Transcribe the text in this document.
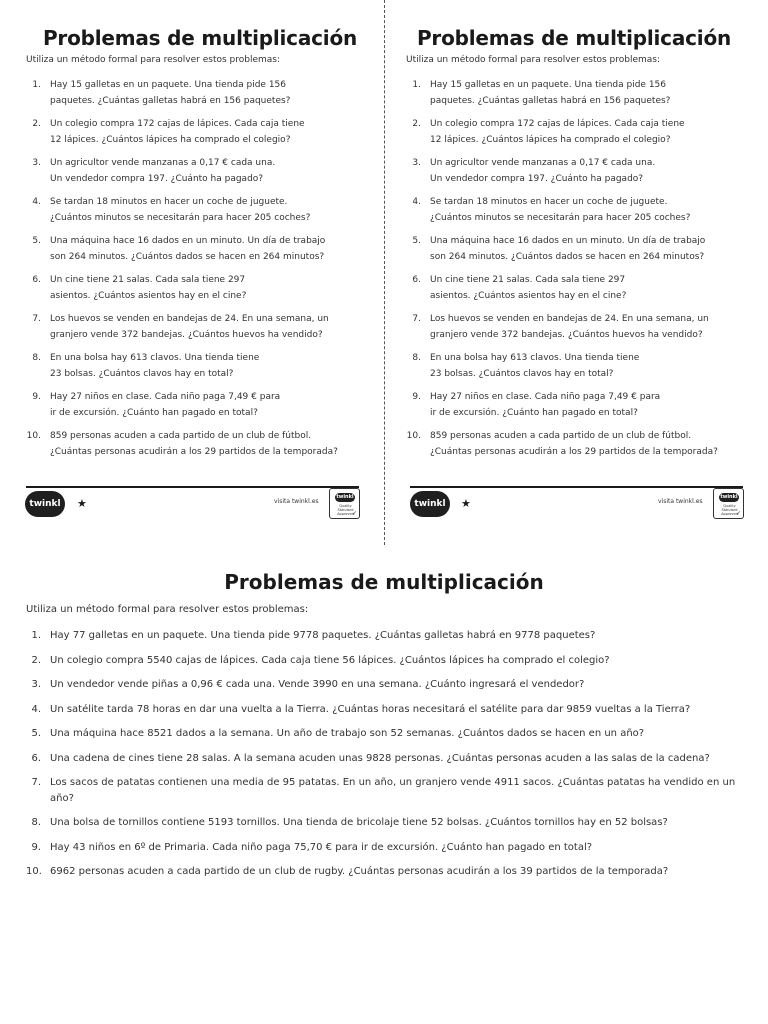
Problemas de multiplicación
Utiliza un método formal para resolver estos problemas:
1. Hay 15 galletas en un paquete. Una tienda pide 156
paquetes. ¿Cuántas galletas habrá en 156 paquetes?
2. Un colegio compra 172 cajas de lápices. Cada caja tiene
12 lápices. ¿Cuántos lápices ha comprado el colegio?
3. Un agricultor vende manzanas a 0,17 € cada una.
Un vendedor compra 197. ¿Cuánto ha pagado?
4. Se tardan 18 minutos en hacer un coche de juguete.
¿Cuántos minutos se necesitarán para hacer 205 coches?
5. Una máquina hace 16 dados en un minuto. Un día de trabajo
son 264 minutos. ¿Cuántos dados se hacen en 264 minutos?
6. Un cine tiene 21 salas. Cada sala tiene 297
asientos. ¿Cuántos asientos hay en el cine?
7. Los huevos se venden en bandejas de 24. En una semana, un
granjero vende 372 bandejas. ¿Cuántos huevos ha vendido?
8. En una bolsa hay 613 clavos. Una tienda tiene
23 bolsas. ¿Cuántos clavos hay en total?
9. Hay 27 niños en clase. Cada niño paga 7,49 € para
ir de excursión. ¿Cuánto han pagado en total?
10. 859 personas acuden a cada partido de un club de fútbol.
¿Cuántas personas acudirán a los 29 partidos de la temporada?
twinkl	★	visita twinkl.es
twinkl
Quality Standard Approved
✓
Problemas de multiplicación
Utiliza un método formal para resolver estos problemas:
1. Hay 15 galletas en un paquete. Una tienda pide 156
paquetes. ¿Cuántas galletas habrá en 156 paquetes?
2. Un colegio compra 172 cajas de lápices. Cada caja tiene
12 lápices. ¿Cuántos lápices ha comprado el colegio?
3. Un agricultor vende manzanas a 0,17 € cada una.
Un vendedor compra 197. ¿Cuánto ha pagado?
4. Se tardan 18 minutos en hacer un coche de juguete.
¿Cuántos minutos se necesitarán para hacer 205 coches?
5. Una máquina hace 16 dados en un minuto. Un día de trabajo
son 264 minutos. ¿Cuántos dados se hacen en 264 minutos?
6. Un cine tiene 21 salas. Cada sala tiene 297
asientos. ¿Cuántos asientos hay en el cine?
7. Los huevos se venden en bandejas de 24. En una semana, un
granjero vende 372 bandejas. ¿Cuántos huevos ha vendido?
8. En una bolsa hay 613 clavos. Una tienda tiene
23 bolsas. ¿Cuántos clavos hay en total?
9. Hay 27 niños en clase. Cada niño paga 7,49 € para
ir de excursión. ¿Cuánto han pagado en total?
10. 859 personas acuden a cada partido de un club de fútbol.
¿Cuántas personas acudirán a los 29 partidos de la temporada?
twinkl	★	visita twinkl.es
twinkl
Quality Standard Approved
✓
Problemas de multiplicación
Utiliza un método formal para resolver estos problemas:
1. Hay 77 galletas en un paquete. Una tienda pide 9778 paquetes. ¿Cuántas galletas habrá en 9778 paquetes?
2. Un colegio compra 5540 cajas de lápices. Cada caja tiene 56 lápices. ¿Cuántos lápices ha comprado el colegio?
3. Un vendedor vende piñas a 0,96 € cada una. Vende 3990 en una semana. ¿Cuánto ingresará el vendedor?
4. Un satélite tarda 78 horas en dar una vuelta a la Tierra. ¿Cuántas horas necesitará el satélite para dar 9859 vueltas a la Tierra?
5. Una máquina hace 8521 dados a la semana. Un año de trabajo son 52 semanas. ¿Cuántos dados se hacen en un año?
6. Una cadena de cines tiene 28 salas. A la semana acuden unas 9828 personas. ¿Cuántas personas acuden a las salas de la cadena?
7. Los sacos de patatas contienen una media de 95 patatas. En un año, un granjero vende 4911 sacos. ¿Cuántas patatas ha vendido en un año?
8. Una bolsa de tornillos contiene 5193 tornillos. Una tienda de bricolaje tiene 52 bolsas. ¿Cuántos tornillos hay en 52 bolsas?
9. Hay 43 niños en 6º de Primaria. Cada niño paga 75,70 € para ir de excursión. ¿Cuánto han pagado en total?
10. 6962 personas acuden a cada partido de un club de rugby. ¿Cuántas personas acudirán a los 39 partidos de la temporada?
